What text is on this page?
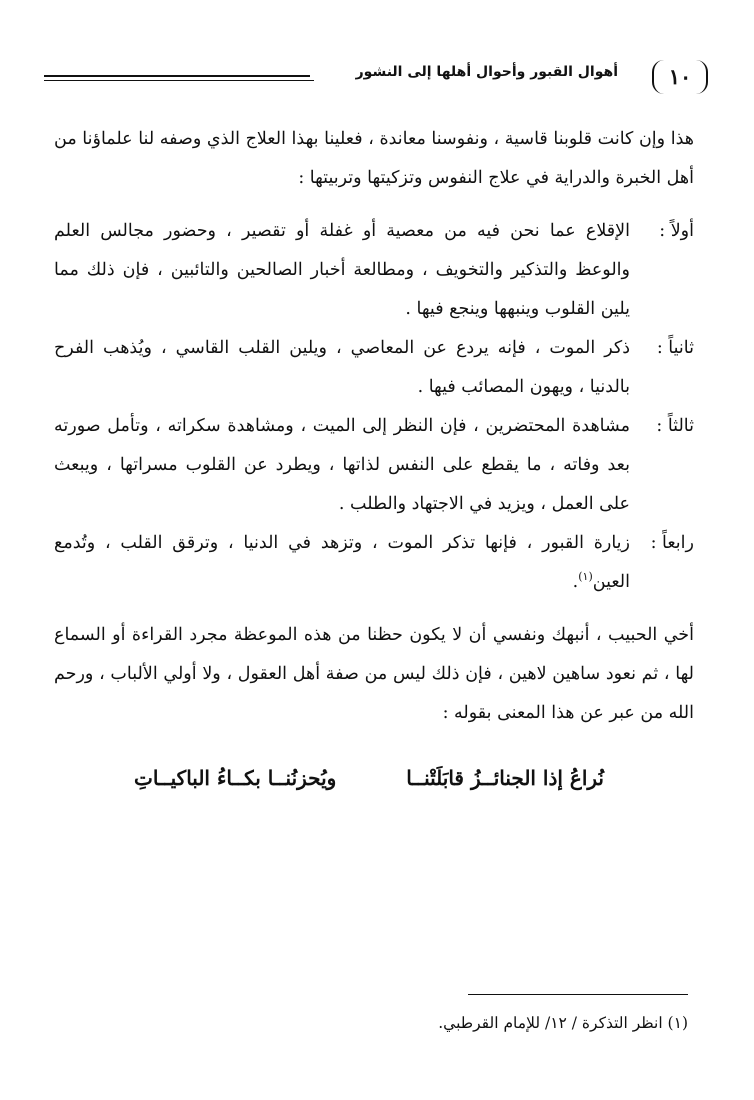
١٠
أهوال القبور وأحوال أهلها إلى النشور

هذا وإن كانت قلوبنا قاسية ، ونفوسنا معاندة ، فعلينا بهذا العلاج الذي وصفه لنا علماؤنا من أهل الخبرة والدراية في علاج النفوس وتزكيتها وتربيتها :

أولاً :
الإقلاع عما نحن فيه من معصية أو غفلة أو تقصير ، وحضور مجالس العلم والوعظ والتذكير والتخويف ، ومطالعة أخبار الصالحين والتائبين ، فإن ذلك مما يلين القلوب وينبهها وينجع فيها .
ثانياً :
ذكر الموت ، فإنه يردع عن المعاصي ، ويلين القلب القاسي ، ويُذهب الفرح بالدنيا ، ويهون المصائب فيها .
ثالثاً :
مشاهدة المحتضرين ، فإن النظر إلى الميت ، ومشاهدة سكراته ، وتأمل صورته بعد وفاته ، ما يقطع على النفس لذاتها ، ويطرد عن القلوب مسراتها ، ويبعث على العمل ، ويزيد في الاجتهاد والطلب .
رابعاً :
زيارة القبور ، فإنها تذكر الموت ، وتزهد في الدنيا ، وترقق القلب ، وتُدمع العين$^{(١)}$.

أخي الحبيب ، أنبهك ونفسي أن لا يكون حظنا من هذه الموعظة مجرد القراءة أو السماع لها ، ثم نعود ساهين لاهين ، فإن ذلك ليس من صفة أهل العقول ، ولا أولي الألباب ، ورحم الله من عبر عن هذا المعنى بقوله :

نُراعُ إذا الجنائــزُ قابَلَتْنــا
ويُحزنُنــا بكــاءُ الباكيــاتِ
(١) انظر التذكرة / ١٢/ للإمام القرطبي.
